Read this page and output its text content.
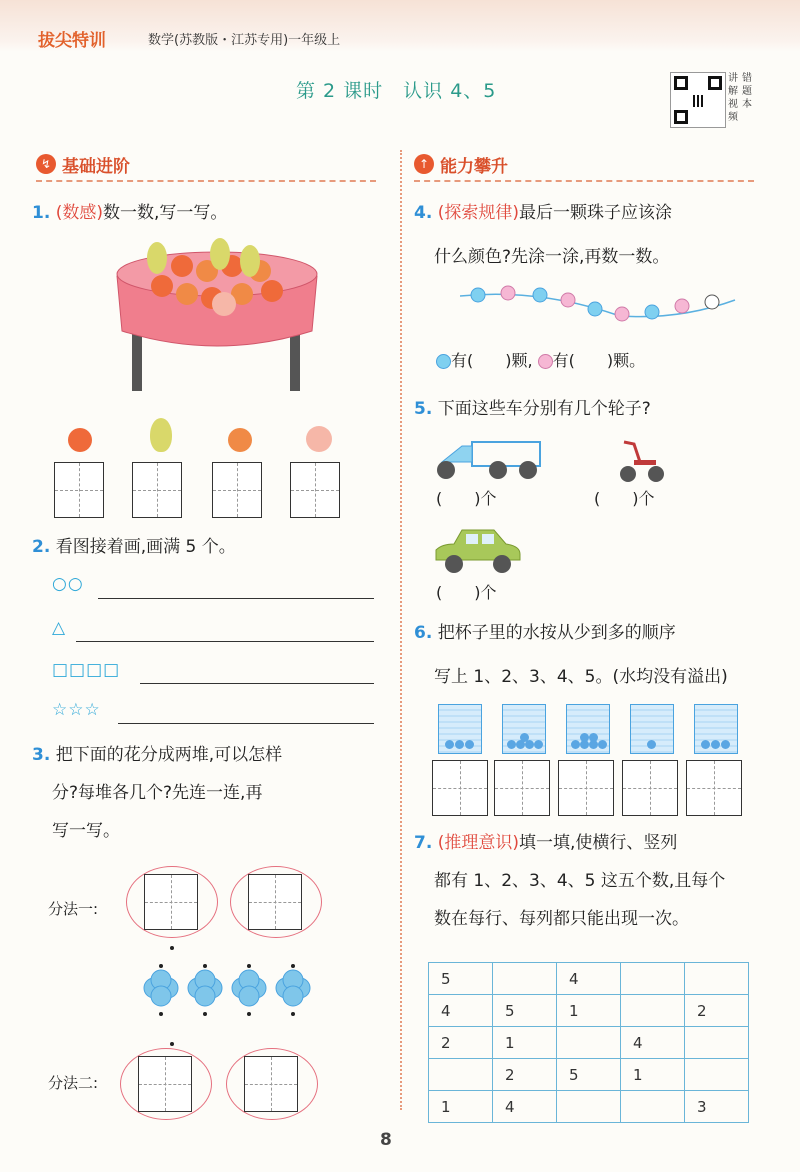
拔尖特训	数学(苏教版・江苏专用)一年级上
第 2 课时　认识 4、5
讲
解
视
频
错
题
本
↯ 基础进阶	↑ 能力攀升
1. (数感)数一数,写一写。
2. 看图接着画,画满 5 个。
○○
△
□□□□
☆☆☆
3. 把下面的花分成两堆,可以怎样
分?每堆各几个?先连一连,再
写一写。
分法一:
分法二:
4. (探索规律)最后一颗珠子应该涂
什么颜色?先涂一涂,再数一数。
有(　　)颗, 有(　　)颗。
5. 下面这些车分别有几个轮子?
(　　)个	(　　)个
(　　)个
6. 把杯子里的水按从少到多的顺序
写上 1、2、3、4、5。(水均没有溢出)
7. (推理意识)填一填,使横行、竖列
都有 1、2、3、4、5 这五个数,且每个
数在每行、每列都只能出现一次。
5		4		
4	5	1		2
2	1		4	
	2	5	1	
1	4			3
8
